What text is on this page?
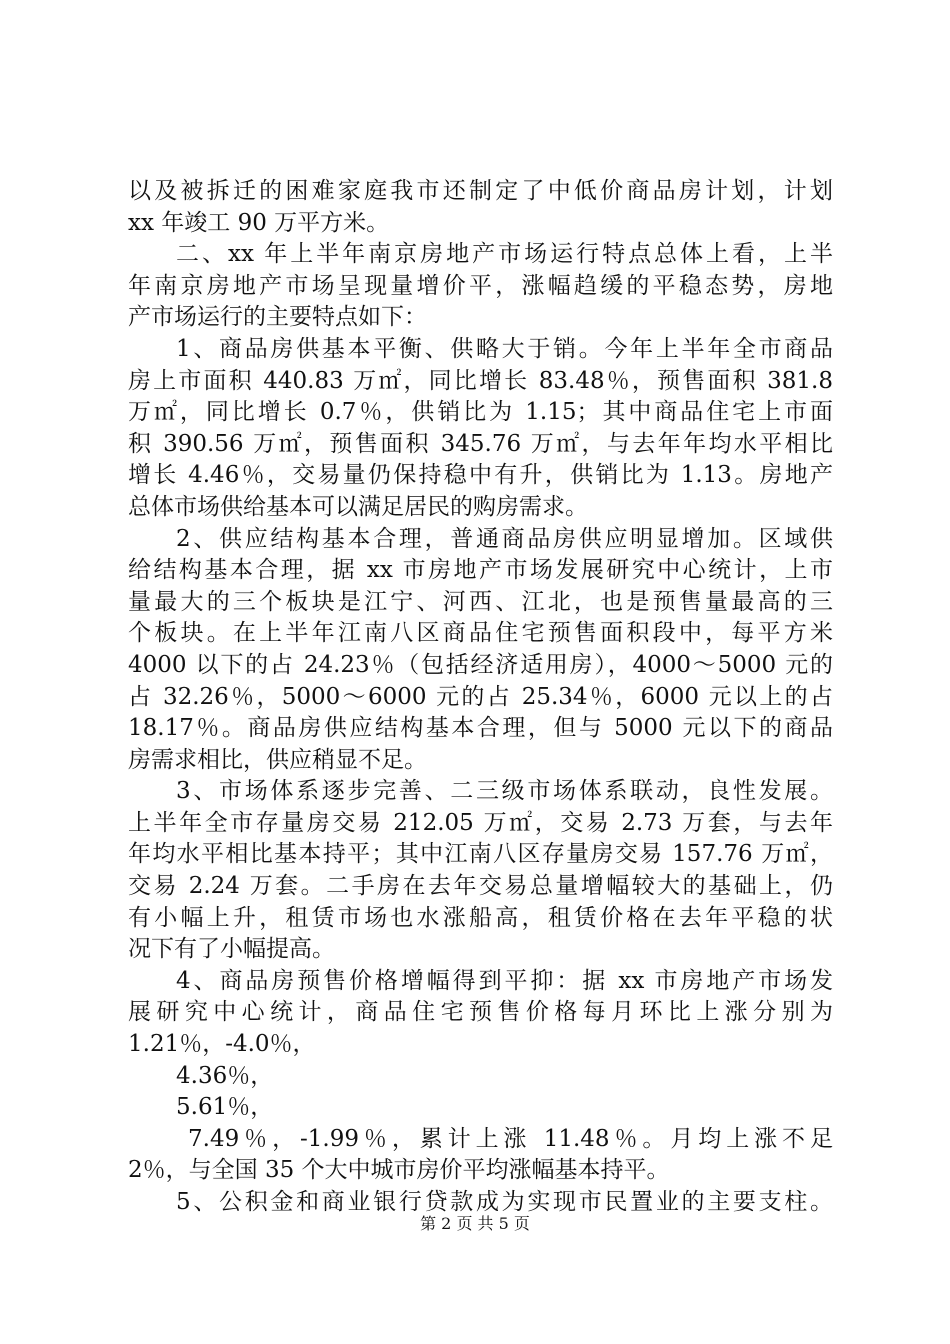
以及被拆迁的困难家庭我市还制定了中低价商品房计划，计划
xx 年竣工 90 万平方米。
二、xx 年上半年南京房地产市场运行特点总体上看，上半
年南京房地产市场呈现量增价平，涨幅趋缓的平稳态势，房地
产市场运行的主要特点如下：
1、商品房供基本平衡、供略大于销。今年上半年全市商品
房上市面积 440.83 万㎡，同比增长 83.48％，预售面积 381.8
万㎡，同比增长 0.7％，供销比为 1.15；其中商品住宅上市面
积 390.56 万㎡，预售面积 345.76 万㎡，与去年年均水平相比
增长 4.46％，交易量仍保持稳中有升，供销比为 1.13。房地产
总体市场供给基本可以满足居民的购房需求。
2、供应结构基本合理，普通商品房供应明显增加。区域供
给结构基本合理，据 xx 市房地产市场发展研究中心统计，上市
量最大的三个板块是江宁、河西、江北，也是预售量最高的三
个板块。在上半年江南八区商品住宅预售面积段中，每平方米
4000 以下的占 24.23％（包括经济适用房），4000～5000 元的
占 32.26％，5000～6000 元的占 25.34％，6000 元以上的占
18.17％。商品房供应结构基本合理，但与 5000 元以下的商品
房需求相比，供应稍显不足。
3、市场体系逐步完善、二三级市场体系联动，良性发展。
上半年全市存量房交易 212.05 万㎡，交易 2.73 万套，与去年
年均水平相比基本持平；其中江南八区存量房交易 157.76 万㎡，
交易 2.24 万套。二手房在去年交易总量增幅较大的基础上，仍
有小幅上升，租赁市场也水涨船高，租赁价格在去年平稳的状
况下有了小幅提高。
4、商品房预售价格增幅得到平抑：据 xx 市房地产市场发
展研究中心统计，商品住宅预售价格每月环比上涨分别为
1.21％，-4.0％，
4.36％，
5.61％，
7.49％，-1.99％，累计上涨 11.48％。月均上涨不足
2％，与全国 35 个大中城市房价平均涨幅基本持平。
5、公积金和商业银行贷款成为实现市民置业的主要支柱。
第 2 页 共 5 页
